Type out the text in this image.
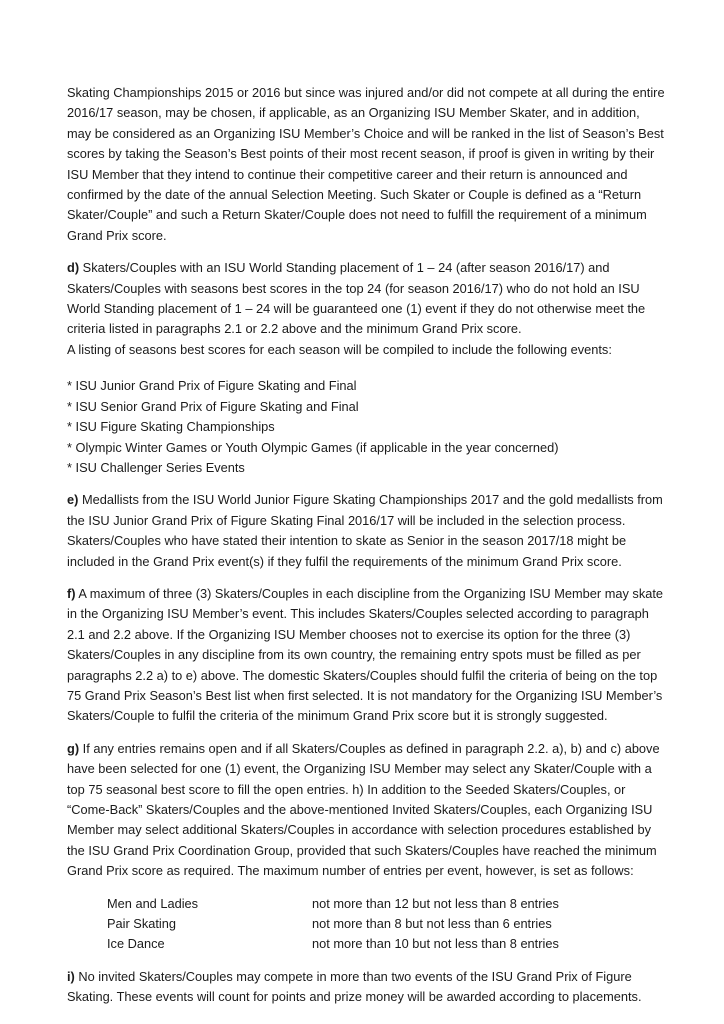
Skating Championships 2015 or 2016 but since was injured and/or did not compete at all during the entire 2016/17 season, may be chosen, if applicable, as an Organizing ISU Member Skater, and in addition, may be considered as an Organizing ISU Member’s Choice and will be ranked in the list of Season’s Best scores by taking the Season’s Best points of their most recent season, if proof is given in writing by their ISU Member that they intend to continue their competitive career and their return is announced and confirmed by the date of the annual Selection Meeting. Such Skater or Couple is defined as a “Return Skater/Couple” and such a Return Skater/Couple does not need to fulfill the requirement of a minimum Grand Prix score.
d) Skaters/Couples with an ISU World Standing placement of 1 – 24 (after season 2016/17) and Skaters/Couples with seasons best scores in the top 24 (for season 2016/17) who do not hold an ISU World Standing placement of 1 – 24 will be guaranteed one (1) event if they do not otherwise meet the criteria listed in paragraphs 2.1 or 2.2 above and the minimum Grand Prix score.
A listing of seasons best scores for each season will be compiled to include the following events:
* ISU Junior Grand Prix of Figure Skating and Final
* ISU Senior Grand Prix of Figure Skating and Final
* ISU Figure Skating Championships
* Olympic Winter Games or Youth Olympic Games (if applicable in the year concerned)
* ISU Challenger Series Events
e) Medallists from the ISU World Junior Figure Skating Championships 2017 and the gold medallists from the ISU Junior Grand Prix of Figure Skating Final 2016/17 will be included in the selection process. Skaters/Couples who have stated their intention to skate as Senior in the season 2017/18 might be included in the Grand Prix event(s) if they fulfil the requirements of the minimum Grand Prix score.
f) A maximum of three (3) Skaters/Couples in each discipline from the Organizing ISU Member may skate in the Organizing ISU Member’s event. This includes Skaters/Couples selected according to paragraph 2.1 and 2.2 above. If the Organizing ISU Member chooses not to exercise its option for the three (3) Skaters/Couples in any discipline from its own country, the remaining entry spots must be filled as per paragraphs 2.2 a) to e) above. The domestic Skaters/Couples should fulfil the criteria of being on the top 75 Grand Prix Season’s Best list when first selected. It is not mandatory for the Organizing ISU Member’s Skaters/Couple to fulfil the criteria of the minimum Grand Prix score but it is strongly suggested.
g) If any entries remains open and if all Skaters/Couples as defined in paragraph 2.2. a), b) and c) above have been selected for one (1) event, the Organizing ISU Member may select any Skater/Couple with a top 75 seasonal best score to fill the open entries. h) In addition to the Seeded Skaters/Couples, or “Come-Back” Skaters/Couples and the above-mentioned Invited Skaters/Couples, each Organizing ISU Member may select additional Skaters/Couples in accordance with selection procedures established by the ISU Grand Prix Coordination Group, provided that such Skaters/Couples have reached the minimum Grand Prix score as required. The maximum number of entries per event, however, is set as follows:
Men and Ladies	not more than 12 but not less than 8 entries
Pair Skating	not more than 8 but not less than 6 entries
Ice Dance	not more than 10 but not less than 8 entries
i) No invited Skaters/Couples may compete in more than two events of the ISU Grand Prix of Figure Skating. These events will count for points and prize money will be awarded according to placements.
